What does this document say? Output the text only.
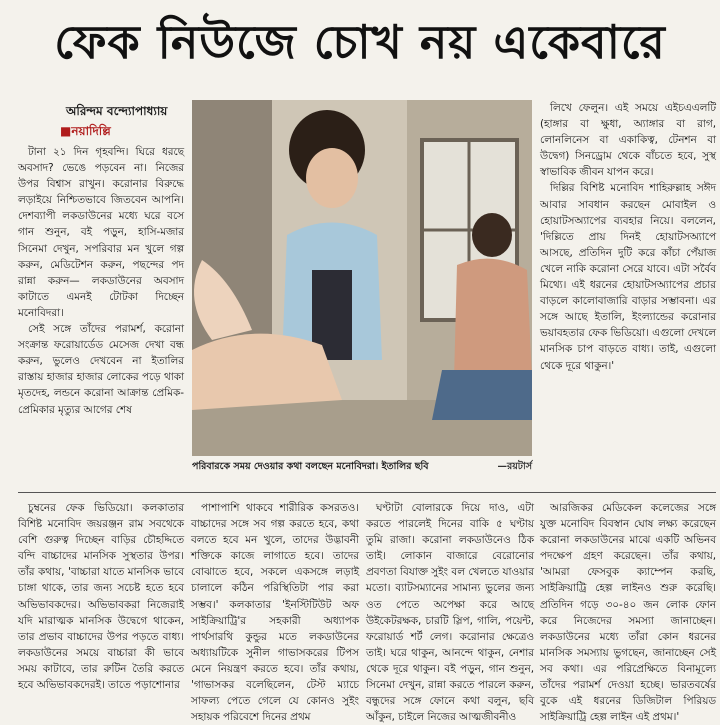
ফেক নিউজে চোখ নয় একেবারে
অরিন্দম বন্দ্যোপাধ্যায়
■নয়াদিল্লি

টানা ২১ দিন গৃহবন্দি। ঘিরে ধরছে অবসাদ? ভেঙে পড়বেন না। নিজের উপর বিশ্বাস রাখুন। করোনার বিরুদ্ধে লড়াইয়ে নিশ্চিতভাবে জিতবেন আপনি। দেশব্যাপী লকডাউনের মধ্যে ঘরে বসে গান শুনুন, বই পড়ুন, হাসি-মজার সিনেমা দেখুন, সপরিবার মন খুলে গল্প করুন, মেডিটেশন করুন, পছন্দের পদ রান্না করুন— লকডাউনের অবসাদ কাটাতে এমনই টোটকা দিচ্ছেন মনোবিদরা।

সেই সঙ্গে তাঁদের পরামর্শ, করোনা সংক্রান্ত ফরোয়ার্ডেড মেসেজ দেখা বন্ধ করুন, ভুলেও দেখবেন না ইতালির রাস্তায় হাজার হাজার লোকের পড়ে থাকা মৃতদেহ, লন্ডনে করোনা আক্রান্ত প্রেমিক-প্রেমিকার মৃত্যুর আগের শেষ

পরিবারকে সময় দেওয়ার কথা বলছেন মনোবিদরা। ইতালির ছবি	—রয়টার্স

লিখে ফেলুন। এই সময়ে এইচএএলটি (হাঙ্গার বা ক্ষুধা, অ্যাঙ্গার বা রাগ, লোনলিনেস বা একাকিত্ব, টেনশন বা উদ্বেগ) সিনড্রোম থেকে বাঁচতে হবে, সুস্থ স্বাভাবিক জীবন যাপন করে।

দিল্লির বিশিষ্ট মনোবিদ শাহিরুল্লাহ সঈদ আবার সাবধান করছেন মোবাইল ও হোয়াটসঅ্যাপের ব্যবহার নিয়ে। বললেন, 'দিল্লিতে প্রায় দিনই হোয়াটসঅ্যাপে আসছে, প্রতিদিন দুটি করে কাঁচা পেঁয়াজ খেলে নাকি করোনা সেরে যাবে। এটা সর্বৈব মিথ্যে। এই ধরনের হোয়াটসঅ্যাপের প্রচার বাড়লে কালোবাজারি বাড়ার সম্ভাবনা। এর সঙ্গে আছে ইতালি, ইংল্যান্ডের করোনার ভয়াবহতার ফেক ভিডিয়ো। এগুলো দেখলে মানসিক চাপ বাড়তে বাধ্য। তাই, এগুলো থেকে দূরে থাকুন।'

চুম্বনের ফেক ভিডিয়ো। কলকাতার বিশিষ্ট মনোবিদ জয়রঞ্জন রাম সবথেকে বেশি গুরুত্ব দিচ্ছেন বাড়ির চৌহদ্দিতে বন্দি বাচ্চাদের মানসিক সুস্থতার উপর। তাঁর কথায়, 'বাচ্চারা যাতে মানসিক ভাবে চাঙ্গা থাকে, তার জন্য সচেষ্ট হতে হবে অভিভাবকদের। অভিভাবকরা নিজেরাই যদি মারাত্মক মানসিক উদ্বেগে থাকেন, তার প্রভাব বাচ্চাদের উপর পড়তে বাধ্য। লকডাউনের সময়ে বাচ্চারা কী ভাবে সময় কাটাবে, তার রুটিন তৈরি করতে হবে অভিভাবকদেরই। তাতে পড়াশোনার

পাশাপাশি থাকবে শারীরিক কসরতও। বাচ্চাদের সঙ্গে সব গল্প করতে হবে, কথা বলতে হবে মন খুলে, তাদের উদ্ভাবনী শক্তিকে কাজে লাগাতে হবে। তাদের বোঝাতে হবে, সকলে একসঙ্গে লড়াই চালালে কঠিন পরিস্থিতিটা পার করা সম্ভব।' কলকাতার 'ইনস্টিটিউট অফ সাইক্রিয়াট্রি'র সহকারী অধ্যাপক পার্থসারথি কুন্ডুর মতে লকডাউনের অধ্যায়টিকে সুনীল গাভাসকরের টিপস মেনে নিয়ন্ত্রণ করতে হবে। তাঁর কথায়, 'গাভাসকর বলেছিলেন, টেস্ট ম্যাচে সাফল্য পেতে গেলে যে কোনও সুইং সহায়ক পরিবেশে দিনের প্রথম

ঘণ্টাটা বোলারকে দিয়ে দাও, এটা করতে পারলেই দিনের বাকি ৫ ঘণ্টায় তুমি রাজা। করোনা লকডাউনেও ঠিক তাই। লোকান বাজারে বেরোনোর প্রবণতা বিযাক্ত সুইং বল খেলতে যাওয়ার মতো। ব্যাটসম্যানের সামান্য ভুলের জন্য ওত পেতে অপেক্ষা করে আছে উইকেটরক্ষক, চারটি স্লিপ, গালি, পয়েন্ট, ফরোয়ার্ড শর্ট লেগ। করোনার ক্ষেত্রেও তাই। ঘরে থাকুন, আনন্দে থাকুন, নেশার থেকে দূরে থাকুন। বই পড়ুন, গান শুনুন, সিনেমা দেখুন, রান্না করতে পারলে করুন, বন্ধুদের সঙ্গে ফোনে কথা বলুন, ছবি আঁকুন, চাইলে নিজের আত্মজীবনীও

আরজিকর মেডিকেল কলেজের সঙ্গে যুক্ত মনোবিদ বিবস্বান ঘোষ লক্ষ্য করেছেন করোনা লকডাউনের মাঝে একটি অভিনব পদক্ষেপ গ্রহণ করেছেন। তাঁর কথায়, 'আমরা ফেসবুক ক্যাম্পেন করছি, সাইক্রিয়াট্রি হেল্প লাইনও শুরু করেছি। প্রতিদিন গড়ে ৩০-৪০ জন লোক ফোন করে নিজেদের সমস্যা জানাচ্ছেন। লকডাউনের মধ্যে তাঁরা কোন ধরনের মানসিক সমস্যায় ভুগছেন, জানাচ্ছেন সেই সব কথা। এর পরিপ্রেক্ষিতে বিনামূল্যে তাঁদের পরামর্শ দেওয়া হচ্ছে। ভারতবর্ষের বুকে এই ধরনের ডিজিটাল পিরিয়ড সাইক্রিয়াট্রি হেল্প লাইন এই প্রথম।'
